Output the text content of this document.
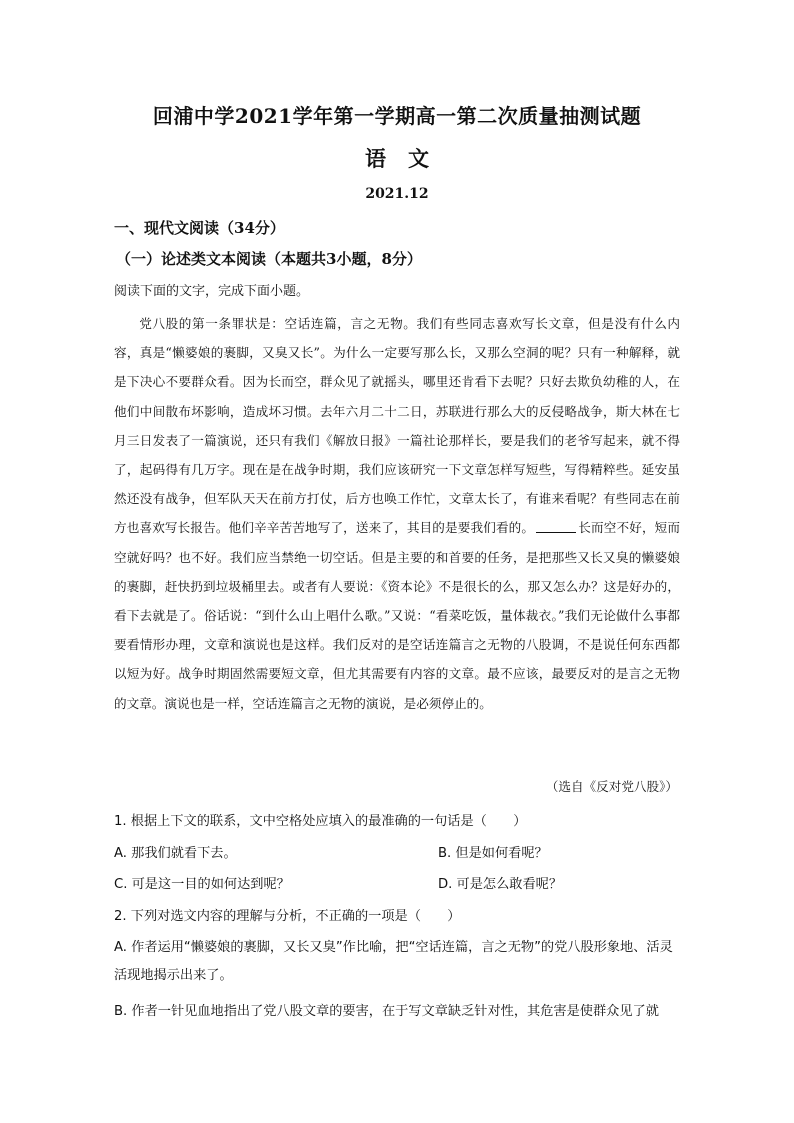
回浦中学2021学年第一学期高一第二次质量抽测试题
语文
2021.12
一、现代文阅读（34分）
（一）论述类文本阅读（本题共3小题，8分）
阅读下面的文字，完成下面小题。

党八股的第一条罪状是：空话连篇，言之无物。我们有些同志喜欢写长文章，但是没有什么内容，真是“懒婆娘的裹脚，又臭又长”。为什么一定要写那么长，又那么空洞的呢？只有一种解释，就是下决心不要群众看。因为长而空，群众见了就摇头，哪里还肯看下去呢？只好去欺负幼稚的人，在他们中间散布坏影响，造成坏习惯。去年六月二十二日，苏联进行那么大的反侵略战争，斯大林在七月三日发表了一篇演说，还只有我们《解放日报》一篇社论那样长，要是我们的老爷写起来，就不得了，起码得有几万字。现在是在战争时期，我们应该研究一下文章怎样写短些，写得精粹些。延安虽然还没有战争，但军队天天在前方打仗，后方也唤工作忙，文章太长了，有谁来看呢？有些同志在前方也喜欢写长报告。他们辛辛苦苦地写了，送来了，其目的是要我们看的。	长而空不好，短而空就好吗？也不好。我们应当禁绝一切空话。但是主要的和首要的任务，是把那些又长又臭的懒婆娘的裹脚，赶快扔到垃圾桶里去。或者有人要说：《资本论》不是很长的么，那又怎么办？这是好办的，看下去就是了。俗话说：“到什么山上唱什么歌。”又说：“看菜吃饭，量体裁衣。”我们无论做什么事都要看情形办理，文章和演说也是这样。我们反对的是空话连篇言之无物的八股调，不是说任何东西都以短为好。战争时期固然需要短文章，但尤其需要有内容的文章。最不应该，最要反对的是言之无物的文章。演说也是一样，空话连篇言之无物的演说，是必须停止的。

（选自《反对党八股》）
1. 根据上下文的联系，文中空格处应填入的最准确的一句话是（　　）
A. 那我们就看下去。	B. 但是如何看呢？
C. 可是这一目的如何达到呢？	D. 可是怎么敢看呢？
2. 下列对选文内容的理解与分析，不正确的一项是（　　）
A. 作者运用“懒婆娘的裹脚，又长又臭”作比喻，把“空话连篇，言之无物”的党八股形象地、活灵活现地揭示出来了。
B. 作者一针见血地指出了党八股文章的要害，在于写文章缺乏针对性，其危害是使群众见了就
